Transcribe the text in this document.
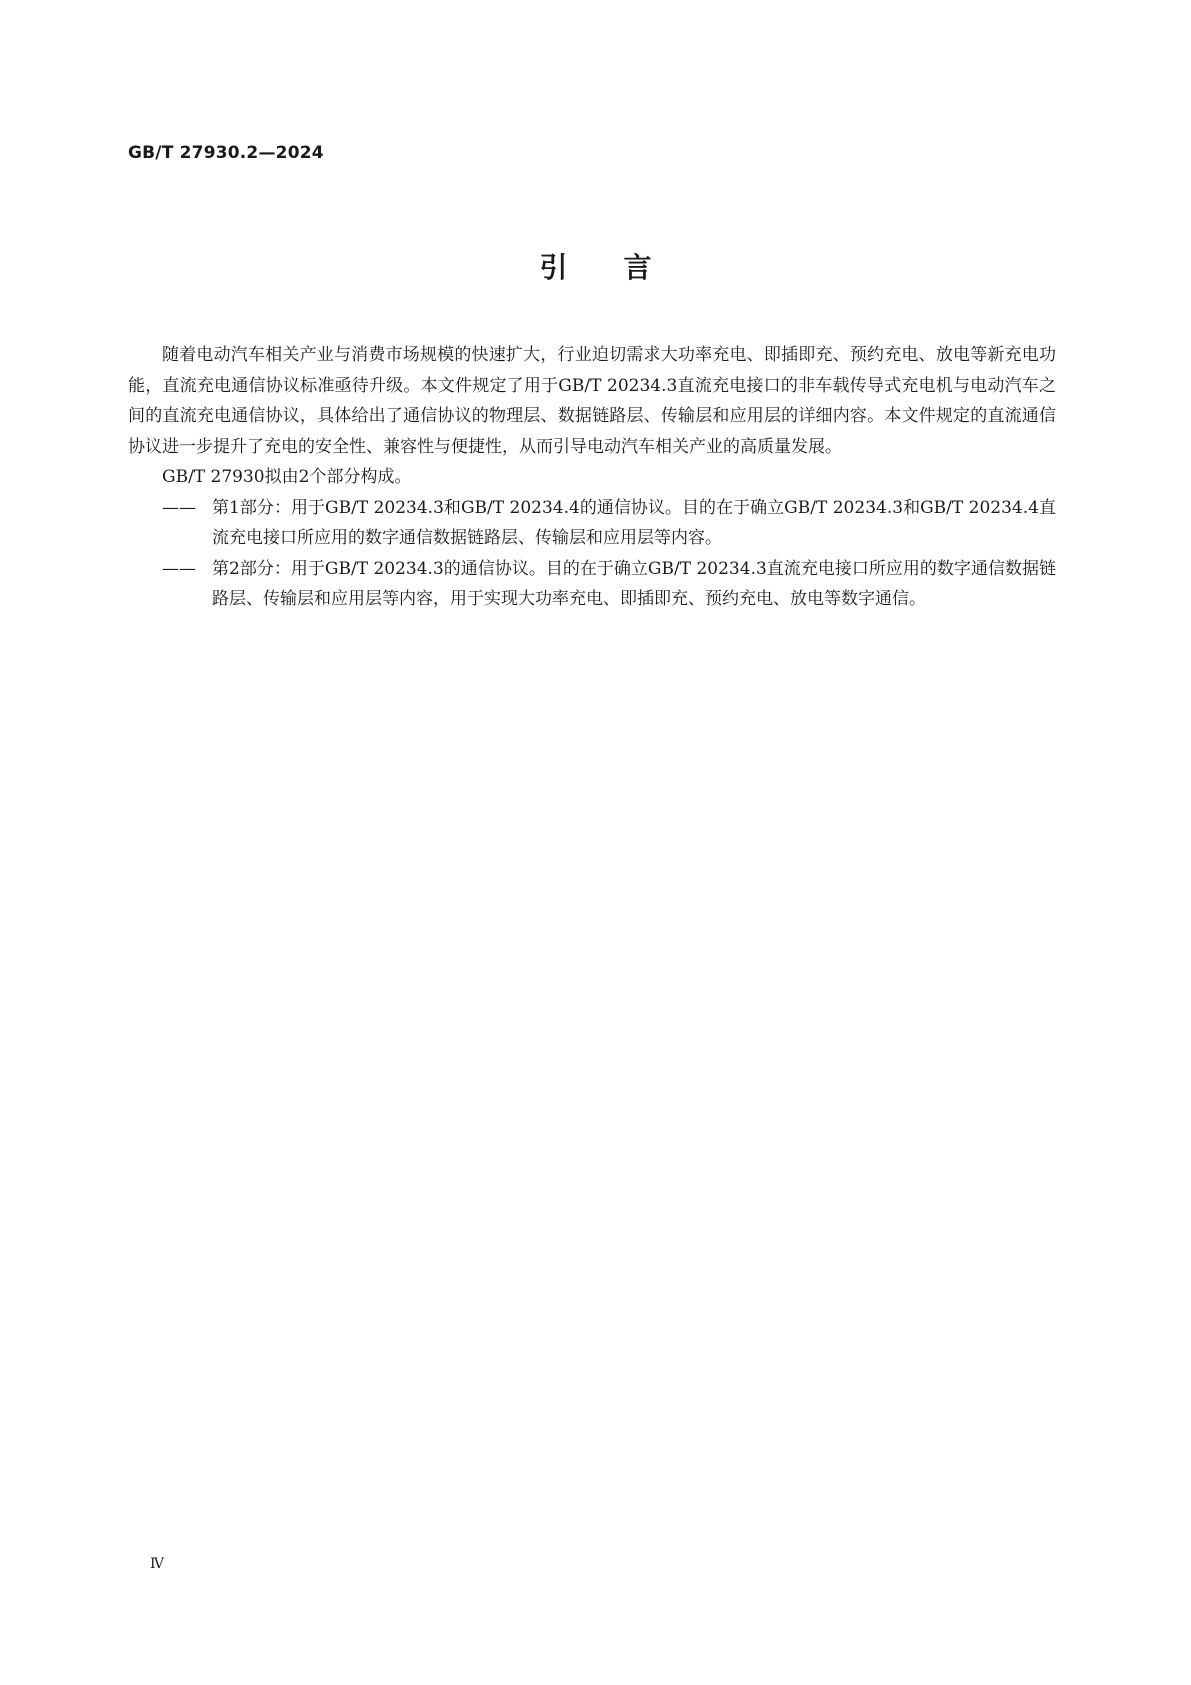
GB/T 27930.2—2024
引言

随着电动汽车相关产业与消费市场规模的快速扩大，行业迫切需求大功率充电、即插即充、预约充电、放电等新充电功能，直流充电通信协议标准亟待升级。本文件规定了用于GB/T 20234.3直流充电接口的非车载传导式充电机与电动汽车之间的直流充电通信协议，具体给出了通信协议的物理层、数据链路层、传输层和应用层的详细内容。本文件规定的直流通信协议进一步提升了充电的安全性、兼容性与便捷性，从而引导电动汽车相关产业的高质量发展。

GB/T 27930拟由2个部分构成。

—— 第1部分：用于GB/T 20234.3和GB/T 20234.4的通信协议。目的在于确立GB/T 20234.3和GB/T 20234.4直流充电接口所应用的数字通信数据链路层、传输层和应用层等内容。

—— 第2部分：用于GB/T 20234.3的通信协议。目的在于确立GB/T 20234.3直流充电接口所应用的数字通信数据链路层、传输层和应用层等内容，用于实现大功率充电、即插即充、预约充电、放电等数字通信。

Ⅳ
